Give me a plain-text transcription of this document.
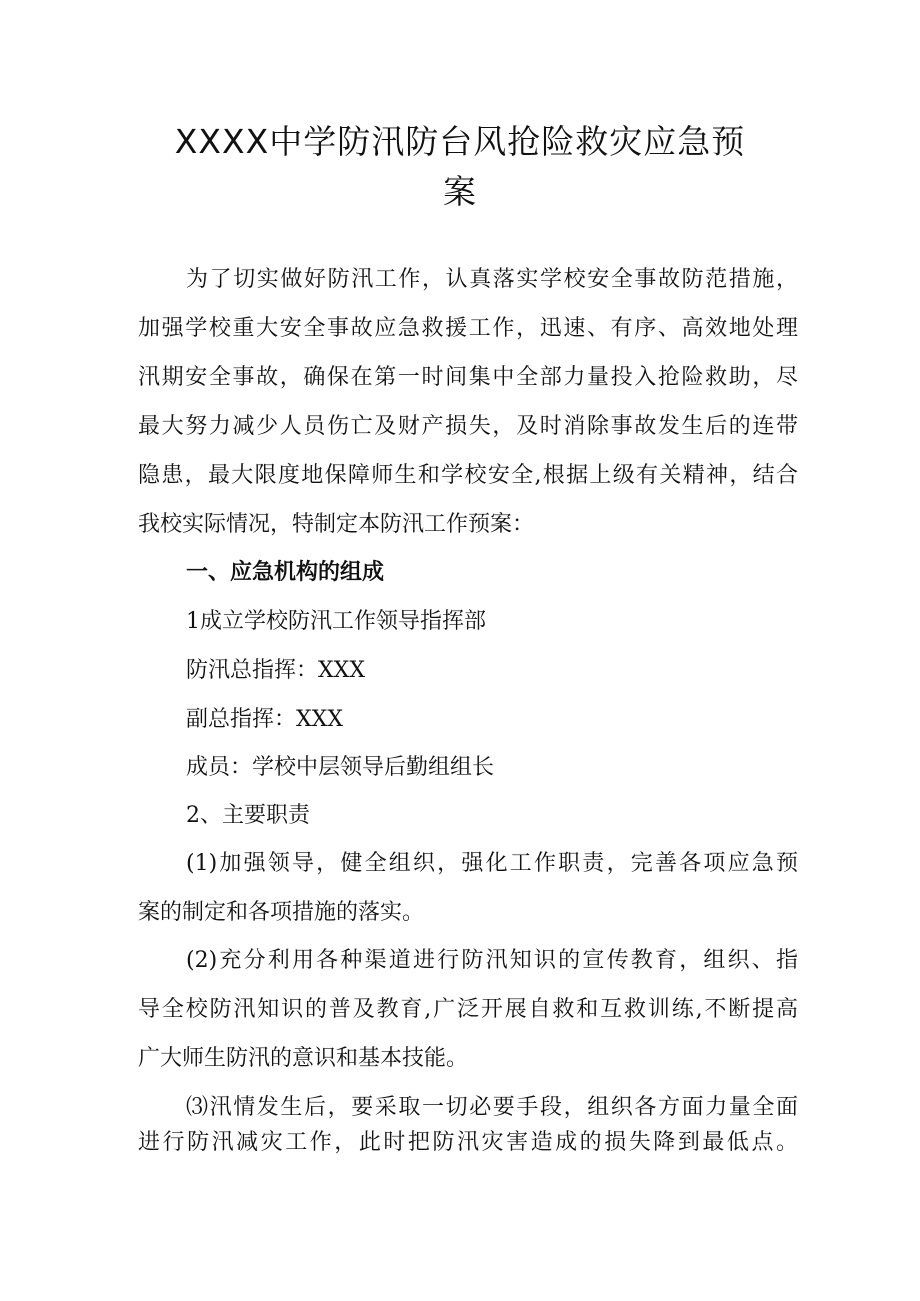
XXXX中学防汛防台风抢险救灾应急预
案
为了切实做好防汛工作，认真落实学校安全事故防范措施，
加强学校重大安全事故应急救援工作，迅速、有序、高效地处理
汛期安全事故，确保在第一时间集中全部力量投入抢险救助，尽
最大努力减少人员伤亡及财产损失，及时消除事故发生后的连带
隐患，最大限度地保障师生和学校安全,根据上级有关精神，结合
我校实际情况，特制定本防汛工作预案：
一、应急机构的组成
1成立学校防汛工作领导指挥部
防汛总指挥：XXX
副总指挥：XXX
成员：学校中层领导后勤组组长
2、主要职责
(1)加强领导，健全组织，强化工作职责，完善各项应急预
案的制定和各项措施的落实。
(2)充分利用各种渠道进行防汛知识的宣传教育，组织、指
导全校防汛知识的普及教育,广泛开展自救和互救训练,不断提高
广大师生防汛的意识和基本技能。
⑶汛情发生后，要采取一切必要手段，组织各方面力量全面
进行防汛减灾工作，此时把防汛灾害造成的损失降到最低点。
